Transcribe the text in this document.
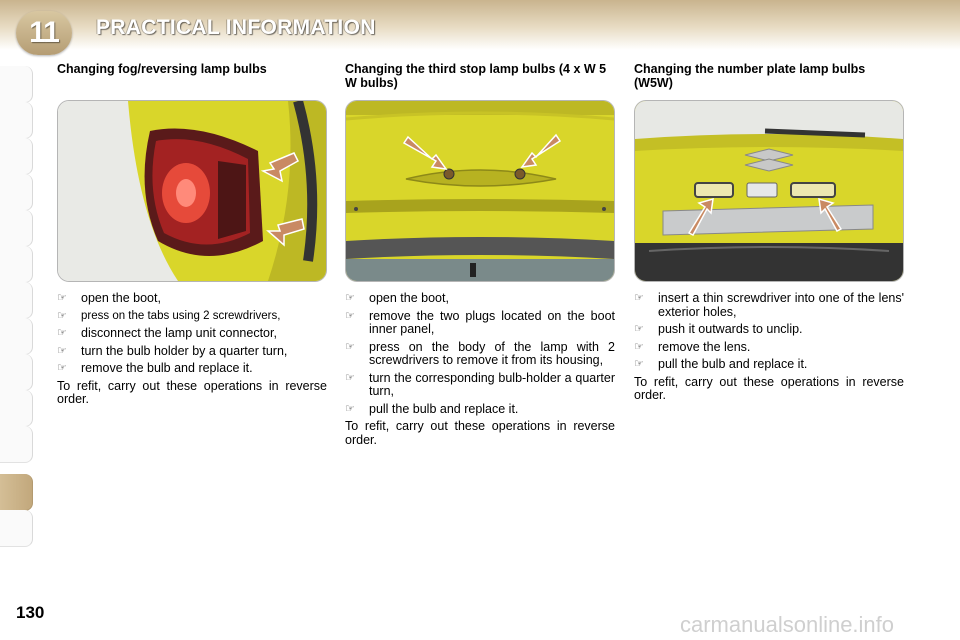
11 PRACTICAL INFORMATION
Changing fog/reversing lamp bulbs
☞ open the boot,
☞ press on the tabs using 2 screwdrivers,
☞ disconnect the lamp unit connector,
☞ turn the bulb holder by a quarter turn,
☞ remove the bulb and replace it.
To refit, carry out these operations in reverse order.
Changing the third stop lamp bulbs (4 x W 5 W bulbs)
☞ open the boot,
☞ remove the two plugs located on the boot inner panel,
☞ press on the body of the lamp with 2 screwdrivers to remove it from its housing,
☞ turn the corresponding bulb-holder a quarter turn,
☞ pull the bulb and replace it.
To refit, carry out these operations in reverse order.
Changing the number plate lamp bulbs (W5W)
☞ insert a thin screwdriver into one of the lens' exterior holes,
☞ push it outwards to unclip.
☞ remove the lens.
☞ pull the bulb and replace it.
To refit, carry out these operations in reverse order.
130	carmanualsonline.info
